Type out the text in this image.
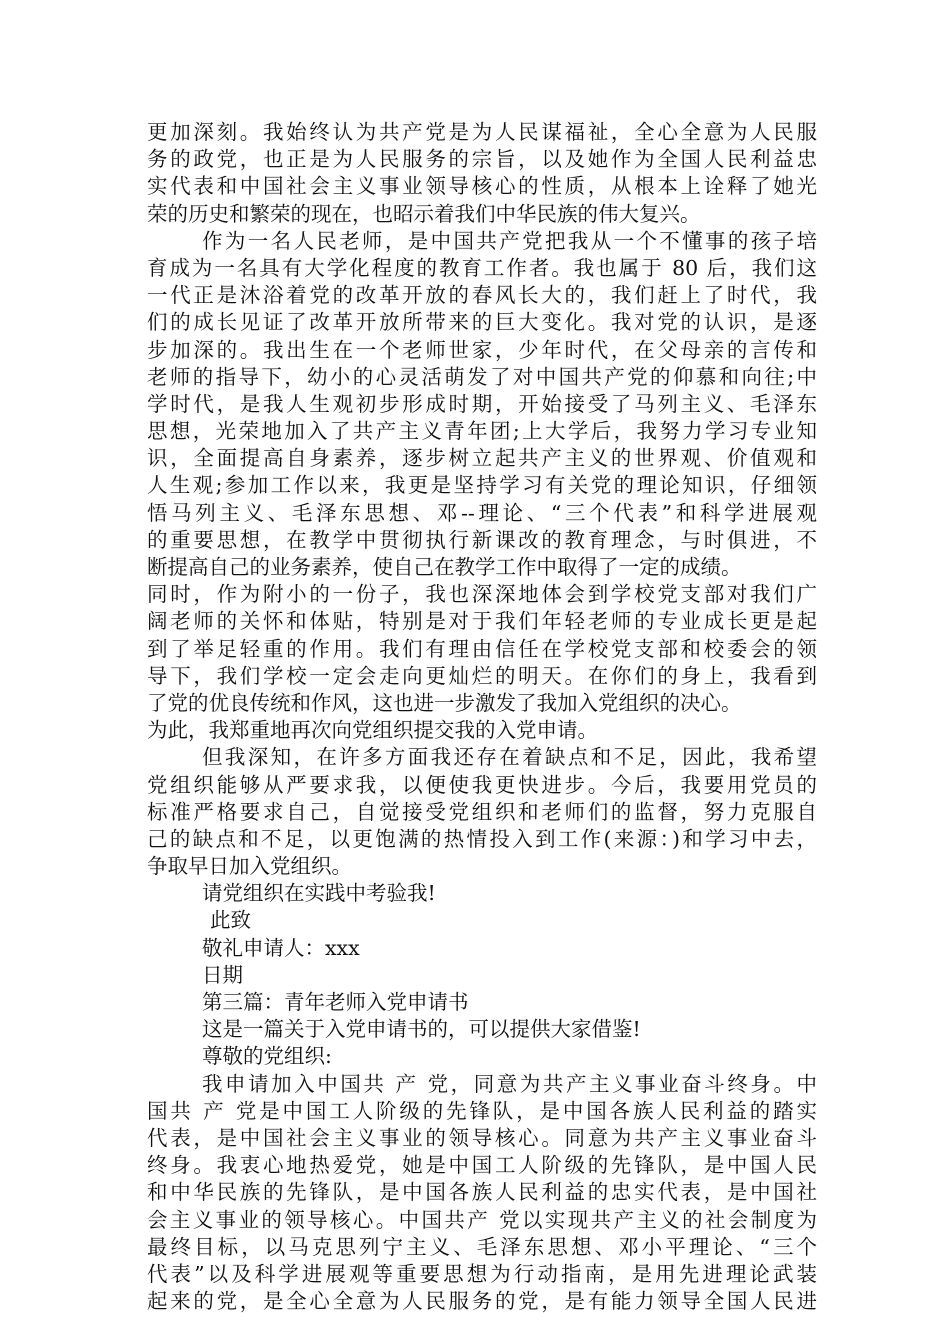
更加深刻。我始终认为共产党是为人民谋福祉，全心全意为人民服
务的政党，也正是为人民服务的宗旨，以及她作为全国人民利益忠
实代表和中国社会主义事业领导核心的性质，从根本上诠释了她光
荣的历史和繁荣的现在，也昭示着我们中华民族的伟大复兴。
作为一名人民老师，是中国共产党把我从一个不懂事的孩子培
育成为一名具有大学化程度的教育工作者。我也属于 80 后，我们这
一代正是沐浴着党的改革开放的春风长大的，我们赶上了时代，我
们的成长见证了改革开放所带来的巨大变化。我对党的认识，是逐
步加深的。我出生在一个老师世家，少年时代，在父母亲的言传和
老师的指导下，幼小的心灵活萌发了对中国共产党的仰慕和向往;中
学时代，是我人生观初步形成时期，开始接受了马列主义、毛泽东
思想，光荣地加入了共产主义青年团;上大学后，我努力学习专业知
识，全面提高自身素养，逐步树立起共产主义的世界观、价值观和
人生观;参加工作以来，我更是坚持学习有关党的理论知识，仔细领
悟马列主义、毛泽东思想、邓--理论、“三个代表”和科学进展观
的重要思想，在教学中贯彻执行新课改的教育理念，与时俱进，不
断提高自己的业务素养，使自己在教学工作中取得了一定的成绩。
同时，作为附小的一份子，我也深深地体会到学校党支部对我们广
阔老师的关怀和体贴，特别是对于我们年轻老师的专业成长更是起
到了举足轻重的作用。我们有理由信任在学校党支部和校委会的领
导下，我们学校一定会走向更灿烂的明天。在你们的身上，我看到
了党的优良传统和作风，这也进一步激发了我加入党组织的决心。
为此，我郑重地再次向党组织提交我的入党申请。
但我深知，在许多方面我还存在着缺点和不足，因此，我希望
党组织能够从严要求我，以便使我更快进步。今后，我要用党员的
标准严格要求自己，自觉接受党组织和老师们的监督，努力克服自
己的缺点和不足，以更饱满的热情投入到工作(来源：)和学习中去，
争取早日加入党组织。
请党组织在实践中考验我!
此致
敬礼申请人：xxx
日期
第三篇：青年老师入党申请书
这是一篇关于入党申请书的，可以提供大家借鉴!
尊敬的党组织:
我申请加入中国共 产 党，同意为共产主义事业奋斗终身。中
国共 产 党是中国工人阶级的先锋队，是中国各族人民利益的踏实
代表，是中国社会主义事业的领导核心。同意为共产主义事业奋斗
终身。我衷心地热爱党，她是中国工人阶级的先锋队，是中国人民
和中华民族的先锋队，是中国各族人民利益的忠实代表，是中国社
会主义事业的领导核心。中国共产 党以实现共产主义的社会制度为
最终目标，以马克思列宁主义、毛泽东思想、邓小平理论、“三个
代表”以及科学进展观等重要思想为行动指南，是用先进理论武装
起来的党，是全心全意为人民服务的党，是有能力领导全国人民进
